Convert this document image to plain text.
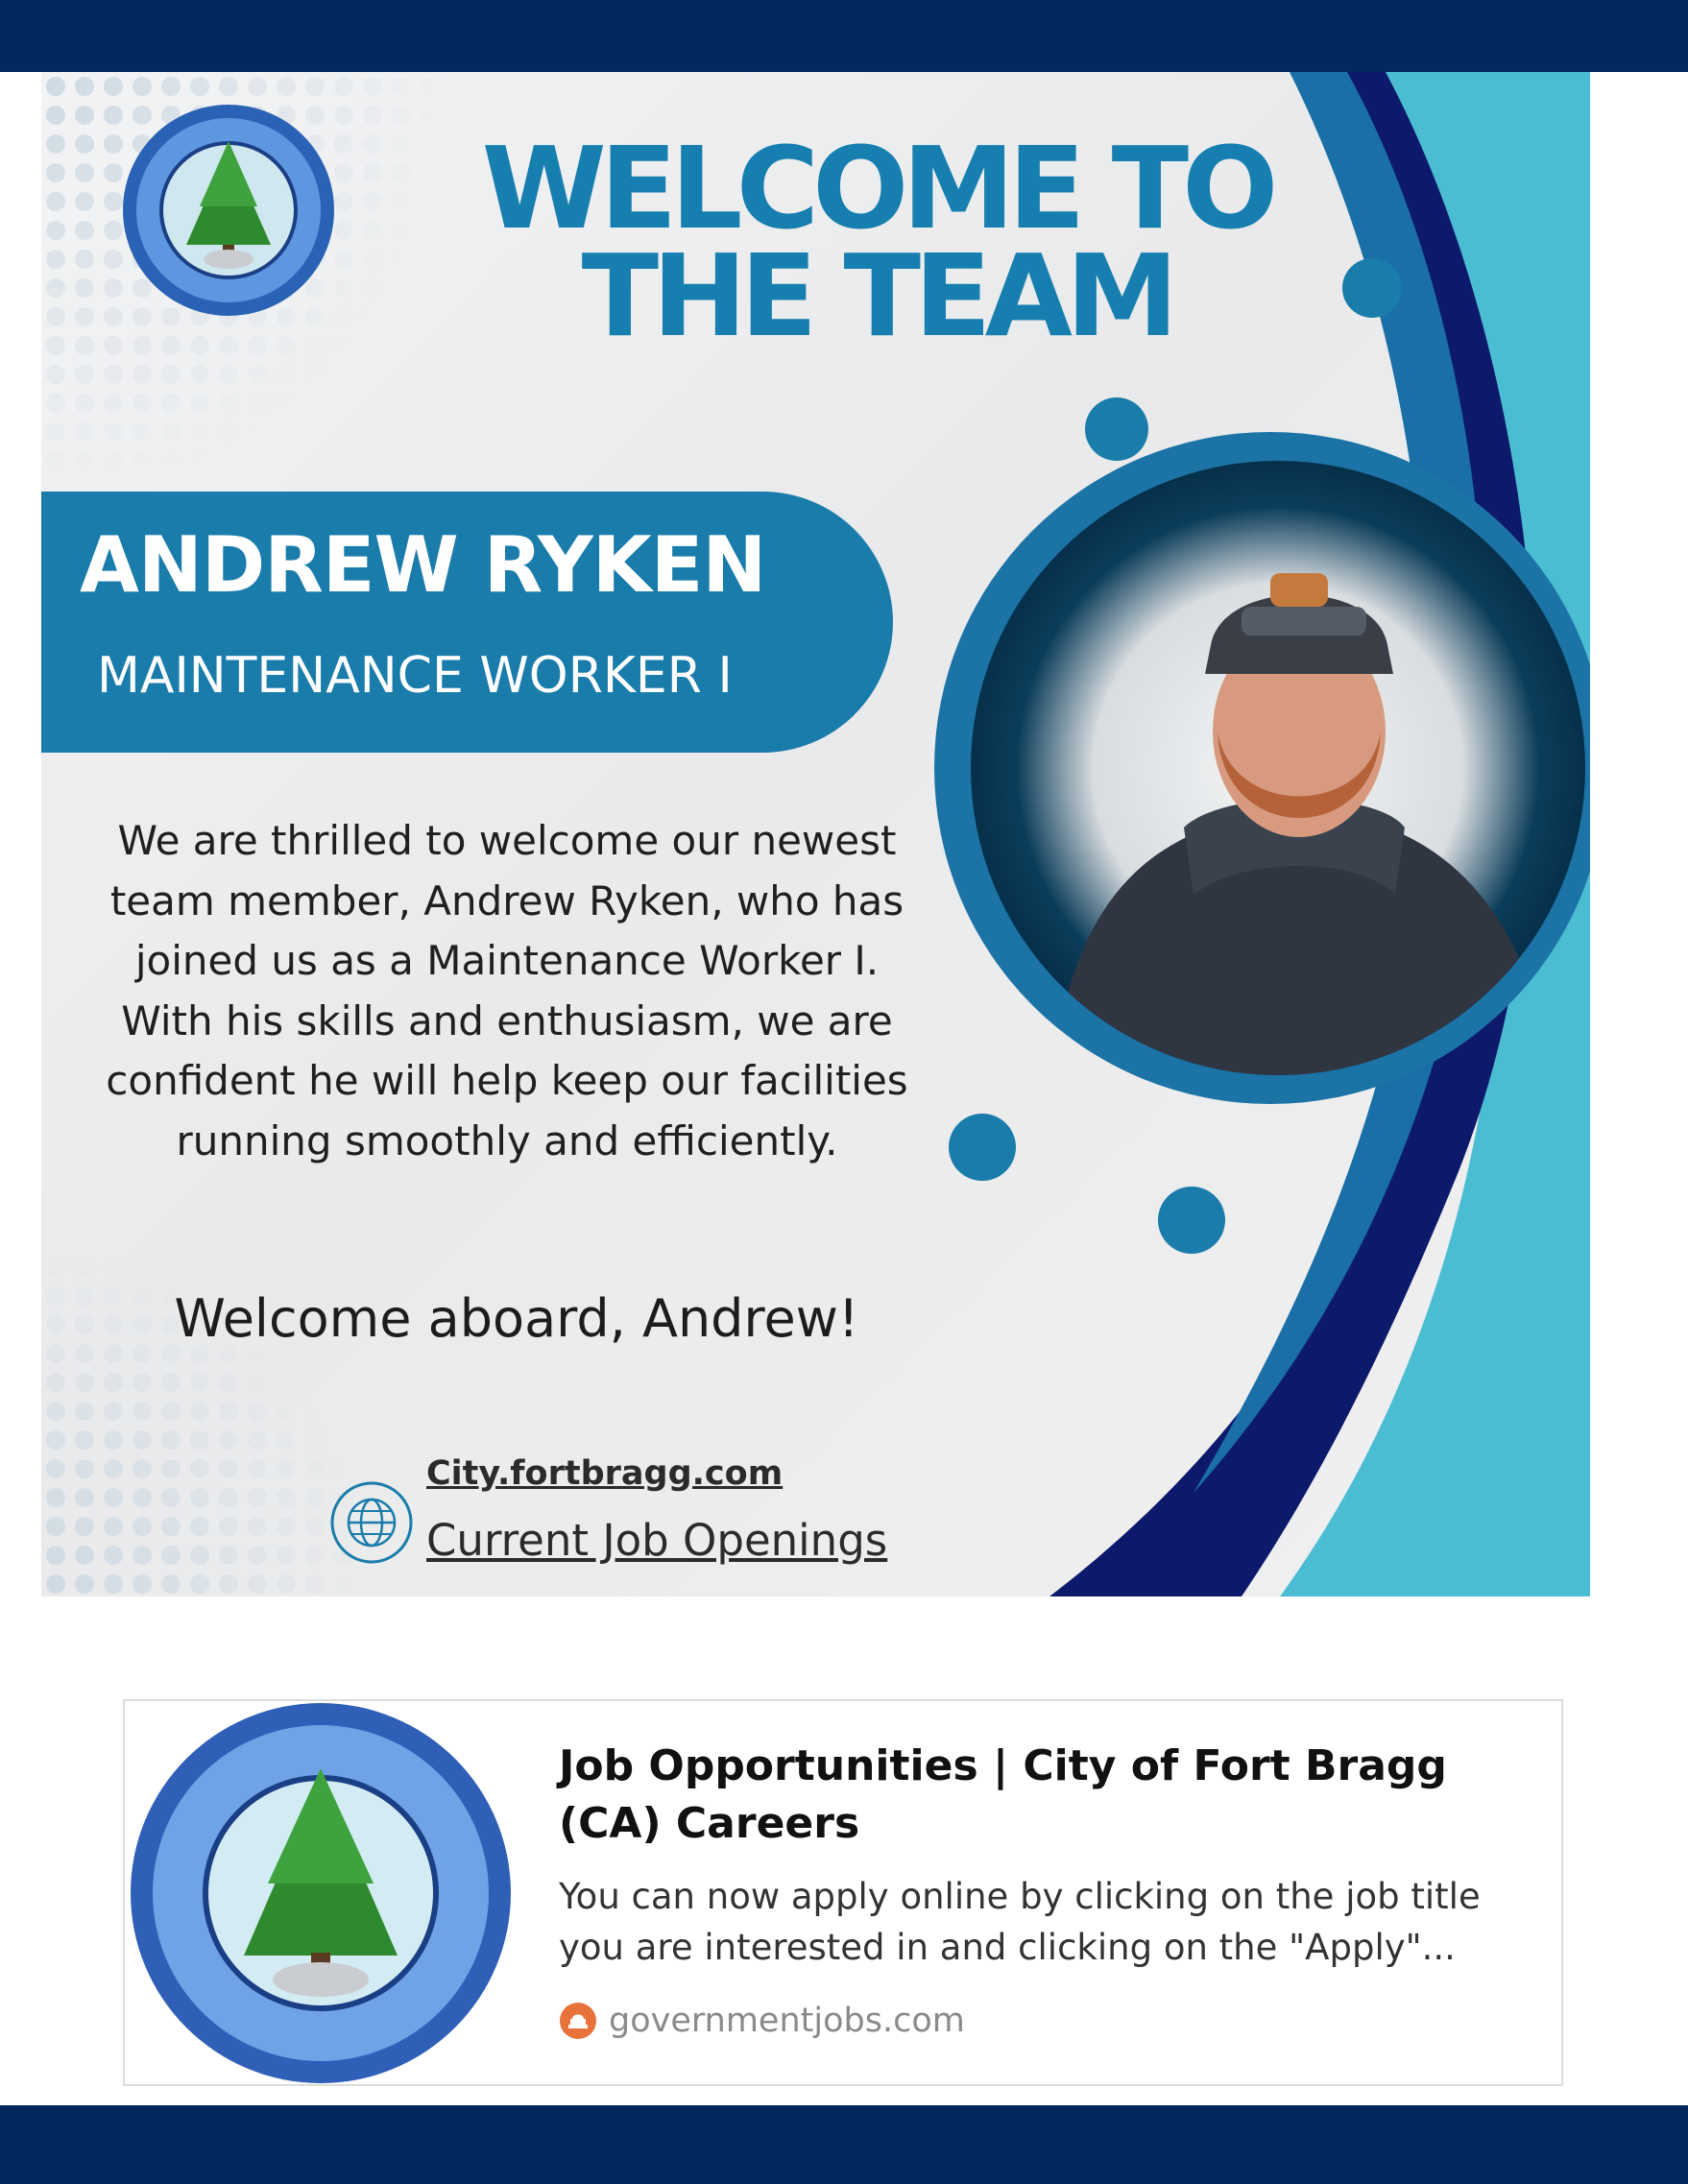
WELCOME TO
THE TEAM
ANDREW RYKEN
MAINTENANCE WORKER I
We are thrilled to welcome our newest team member, Andrew Ryken, who has joined us as a Maintenance Worker I. With his skills and enthusiasm, we are confident he will help keep our facilities running smoothly and efficiently.
Welcome aboard, Andrew!
City.fortbragg.com
Current Job Openings
Job Opportunities | City of Fort Bragg (CA) Careers
You can now apply online by clicking on the job title you are interested in and clicking on the "Apply"...
governmentjobs.com
